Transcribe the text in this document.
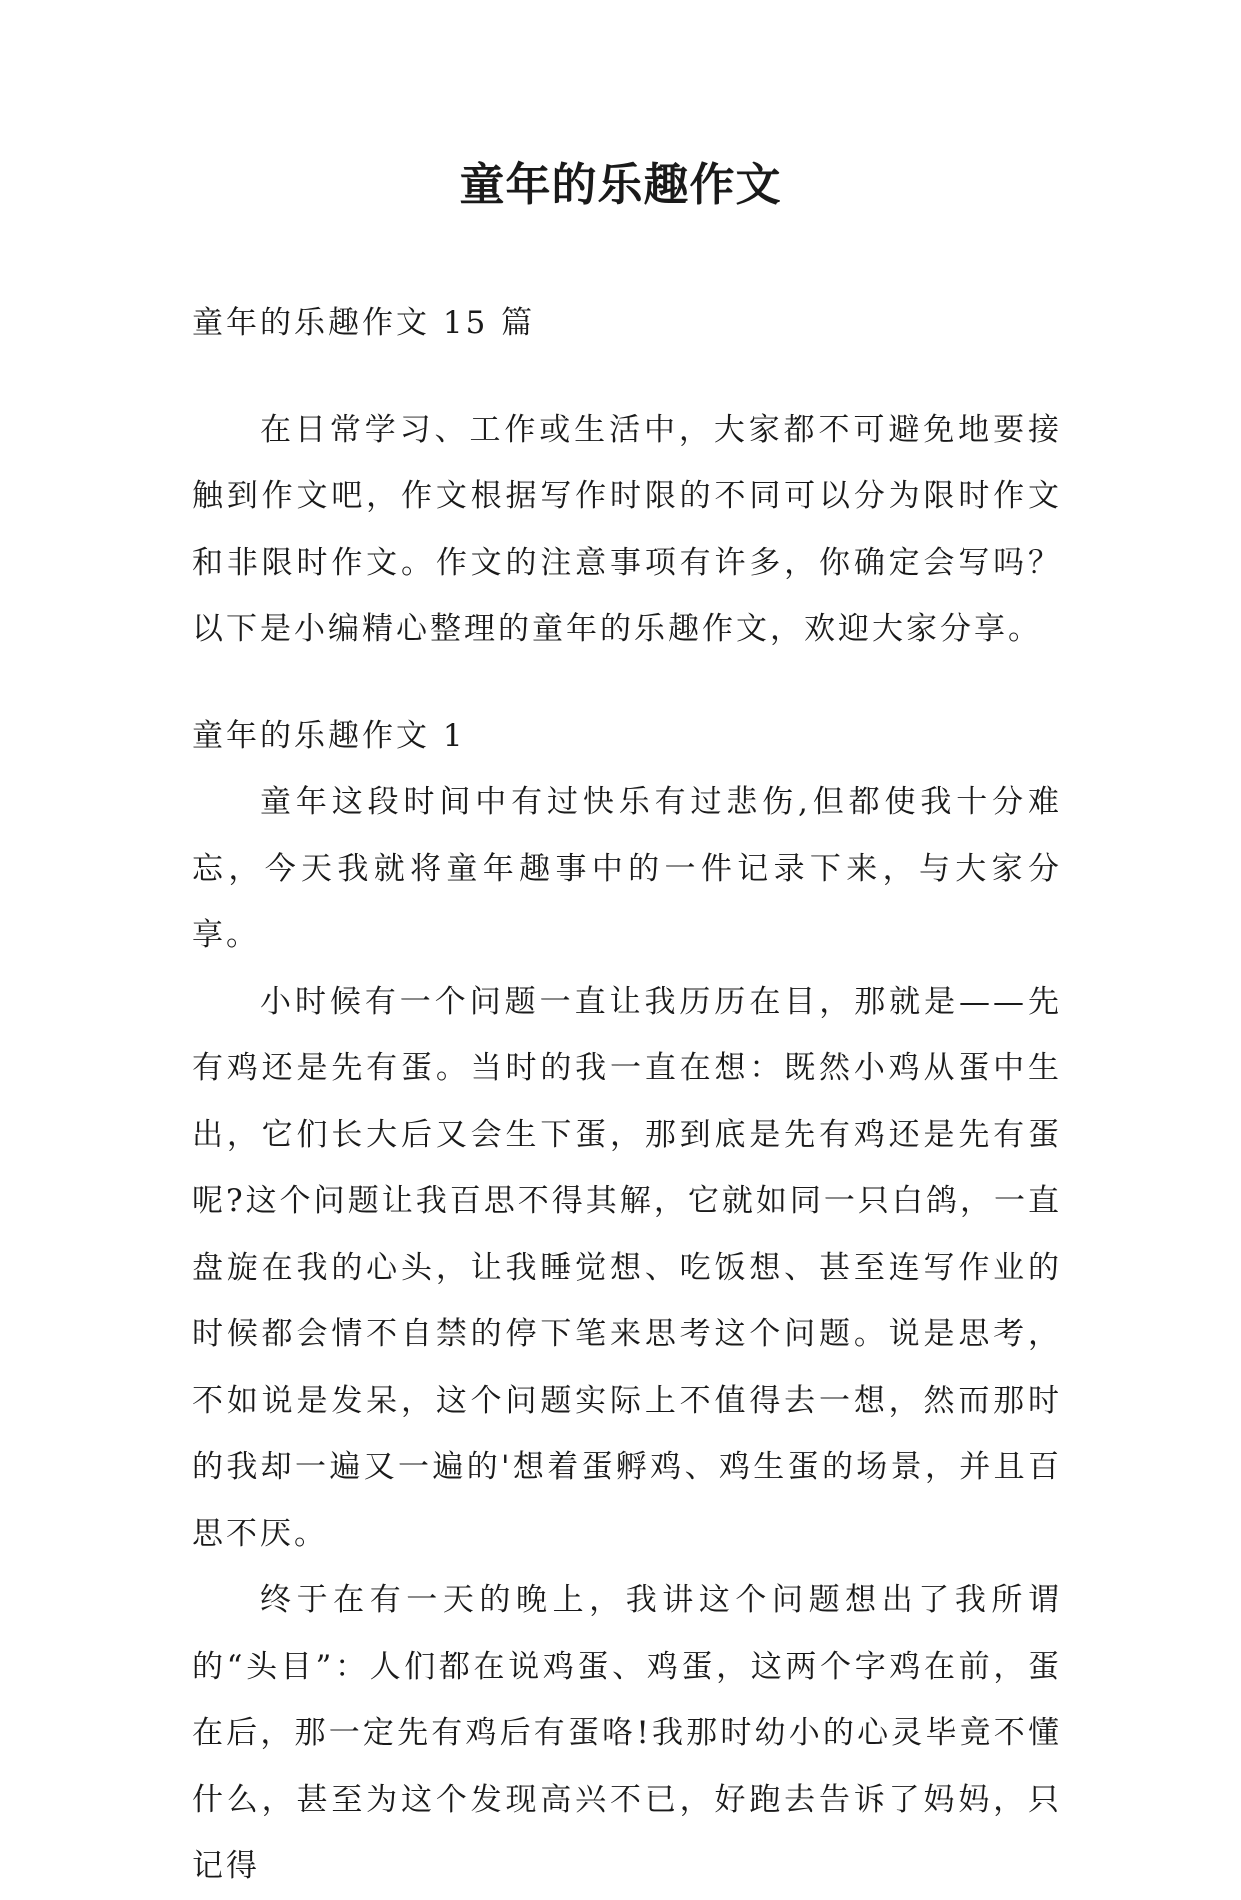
童年的乐趣作文

童年的乐趣作文 15 篇

在日常学习、工作或生活中，大家都不可避免地要接触到作文吧，作文根据写作时限的不同可以分为限时作文和非限时作文。作文的注意事项有许多，你确定会写吗？以下是小编精心整理的童年的乐趣作文，欢迎大家分享。

童年的乐趣作文 1

童年这段时间中有过快乐有过悲伤,但都使我十分难忘，今天我就将童年趣事中的一件记录下来，与大家分享。

小时候有一个问题一直让我历历在目，那就是——先有鸡还是先有蛋。当时的我一直在想：既然小鸡从蛋中生出，它们长大后又会生下蛋，那到底是先有鸡还是先有蛋呢?这个问题让我百思不得其解，它就如同一只白鸽，一直盘旋在我的心头，让我睡觉想、吃饭想、甚至连写作业的时候都会情不自禁的停下笔来思考这个问题。说是思考，不如说是发呆，这个问题实际上不值得去一想，然而那时的我却一遍又一遍的'想着蛋孵鸡、鸡生蛋的场景，并且百思不厌。

终于在有一天的晚上，我讲这个问题想出了我所谓的“头目”：人们都在说鸡蛋、鸡蛋，这两个字鸡在前，蛋在后，那一定先有鸡后有蛋咯!我那时幼小的心灵毕竟不懂什么，甚至为这个发现高兴不已，好跑去告诉了妈妈，只记得
